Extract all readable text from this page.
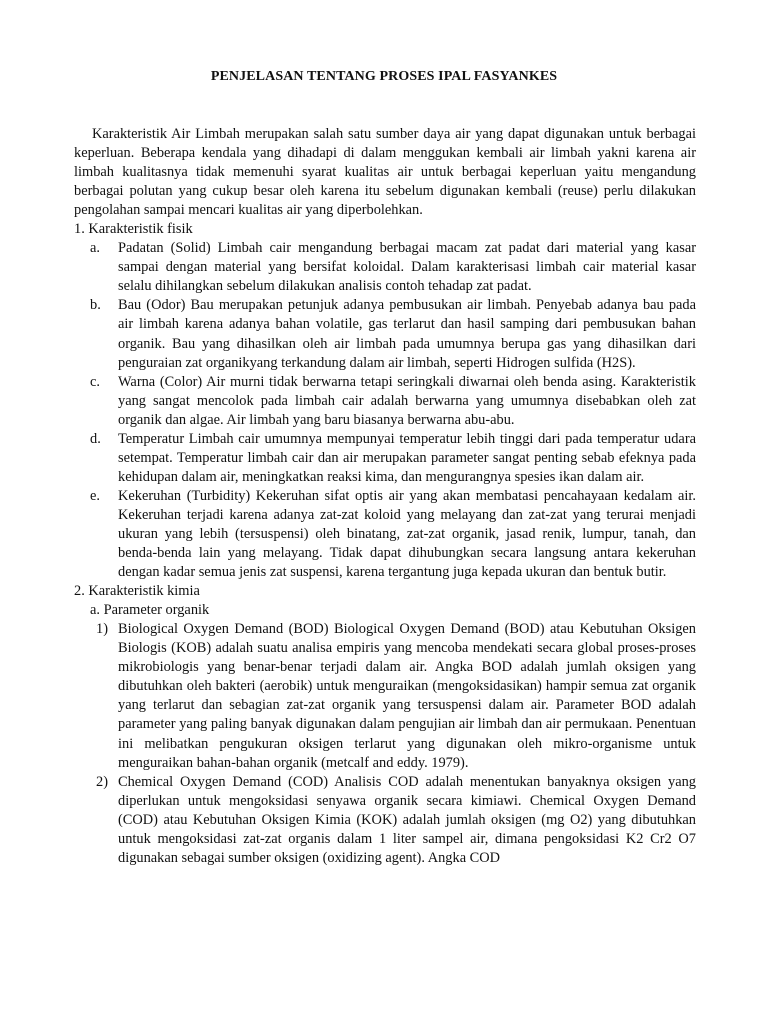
PENJELASAN TENTANG PROSES IPAL FASYANKES

Karakteristik Air Limbah merupakan salah satu sumber daya air yang dapat digunakan untuk berbagai keperluan. Beberapa kendala yang dihadapi di dalam menggukan kembali air limbah yakni karena air limbah kualitasnya tidak memenuhi syarat kualitas air untuk berbagai keperluan yaitu mengandung berbagai polutan yang cukup besar oleh karena itu sebelum digunakan kembali (reuse) perlu dilakukan pengolahan sampai mencari kualitas air yang diperbolehkan.

1. Karakteristik fisik

a.	Padatan (Solid) Limbah cair mengandung berbagai macam zat padat dari material yang kasar sampai dengan material yang bersifat koloidal. Dalam karakterisasi limbah cair material kasar selalu dihilangkan sebelum dilakukan analisis contoh tehadap zat padat.

b.	Bau (Odor) Bau merupakan petunjuk adanya pembusukan air limbah. Penyebab adanya bau pada air limbah karena adanya bahan volatile, gas terlarut dan hasil samping dari pembusukan bahan organik. Bau yang dihasilkan oleh air limbah pada umumnya berupa gas yang dihasilkan dari penguraian zat organikyang terkandung dalam air limbah, seperti Hidrogen sulfida (H2S).

c.	Warna (Color) Air murni tidak berwarna tetapi seringkali diwarnai oleh benda asing. Karakteristik yang sangat mencolok pada limbah cair adalah berwarna yang umumnya disebabkan oleh zat organik dan algae. Air limbah yang baru biasanya berwarna abu-abu.

d.	Temperatur Limbah cair umumnya mempunyai temperatur lebih tinggi dari pada temperatur udara setempat. Temperatur limbah cair dan air merupakan parameter sangat penting sebab efeknya pada kehidupan dalam air, meningkatkan reaksi kima, dan mengurangnya spesies ikan dalam air.

e.	Kekeruhan (Turbidity) Kekeruhan sifat optis air yang akan membatasi pencahayaan kedalam air. Kekeruhan terjadi karena adanya zat-zat koloid yang melayang dan zat-zat yang terurai menjadi ukuran yang lebih (tersuspensi) oleh binatang, zat-zat organik, jasad renik, lumpur, tanah, dan benda-benda lain yang melayang. Tidak dapat dihubungkan secara langsung antara kekeruhan dengan kadar semua jenis zat suspensi, karena tergantung juga kepada ukuran dan bentuk butir.

2. Karakteristik kimia

a. Parameter organik

1) Biological Oxygen Demand (BOD) Biological Oxygen Demand (BOD) atau Kebutuhan Oksigen Biologis (KOB) adalah suatu analisa empiris yang mencoba mendekati secara global proses-proses mikrobiologis yang benar-benar terjadi dalam air. Angka BOD adalah jumlah oksigen yang dibutuhkan oleh bakteri (aerobik) untuk menguraikan (mengoksidasikan) hampir semua zat organik yang terlarut dan sebagian zat-zat organik yang tersuspensi dalam air. Parameter BOD adalah parameter yang paling banyak digunakan dalam pengujian air limbah dan air permukaan. Penentuan ini melibatkan pengukuran oksigen terlarut yang digunakan oleh mikro-organisme untuk menguraikan bahan-bahan organik (metcalf and eddy. 1979).

2) Chemical Oxygen Demand (COD) Analisis COD adalah menentukan banyaknya oksigen yang diperlukan untuk mengoksidasi senyawa organik secara kimiawi. Chemical Oxygen Demand (COD) atau Kebutuhan Oksigen Kimia (KOK) adalah jumlah oksigen (mg O2) yang dibutuhkan untuk mengoksidasi zat-zat organis dalam 1 liter sampel air, dimana pengoksidasi K2 Cr2 O7 digunakan sebagai sumber oksigen (oxidizing agent). Angka COD
